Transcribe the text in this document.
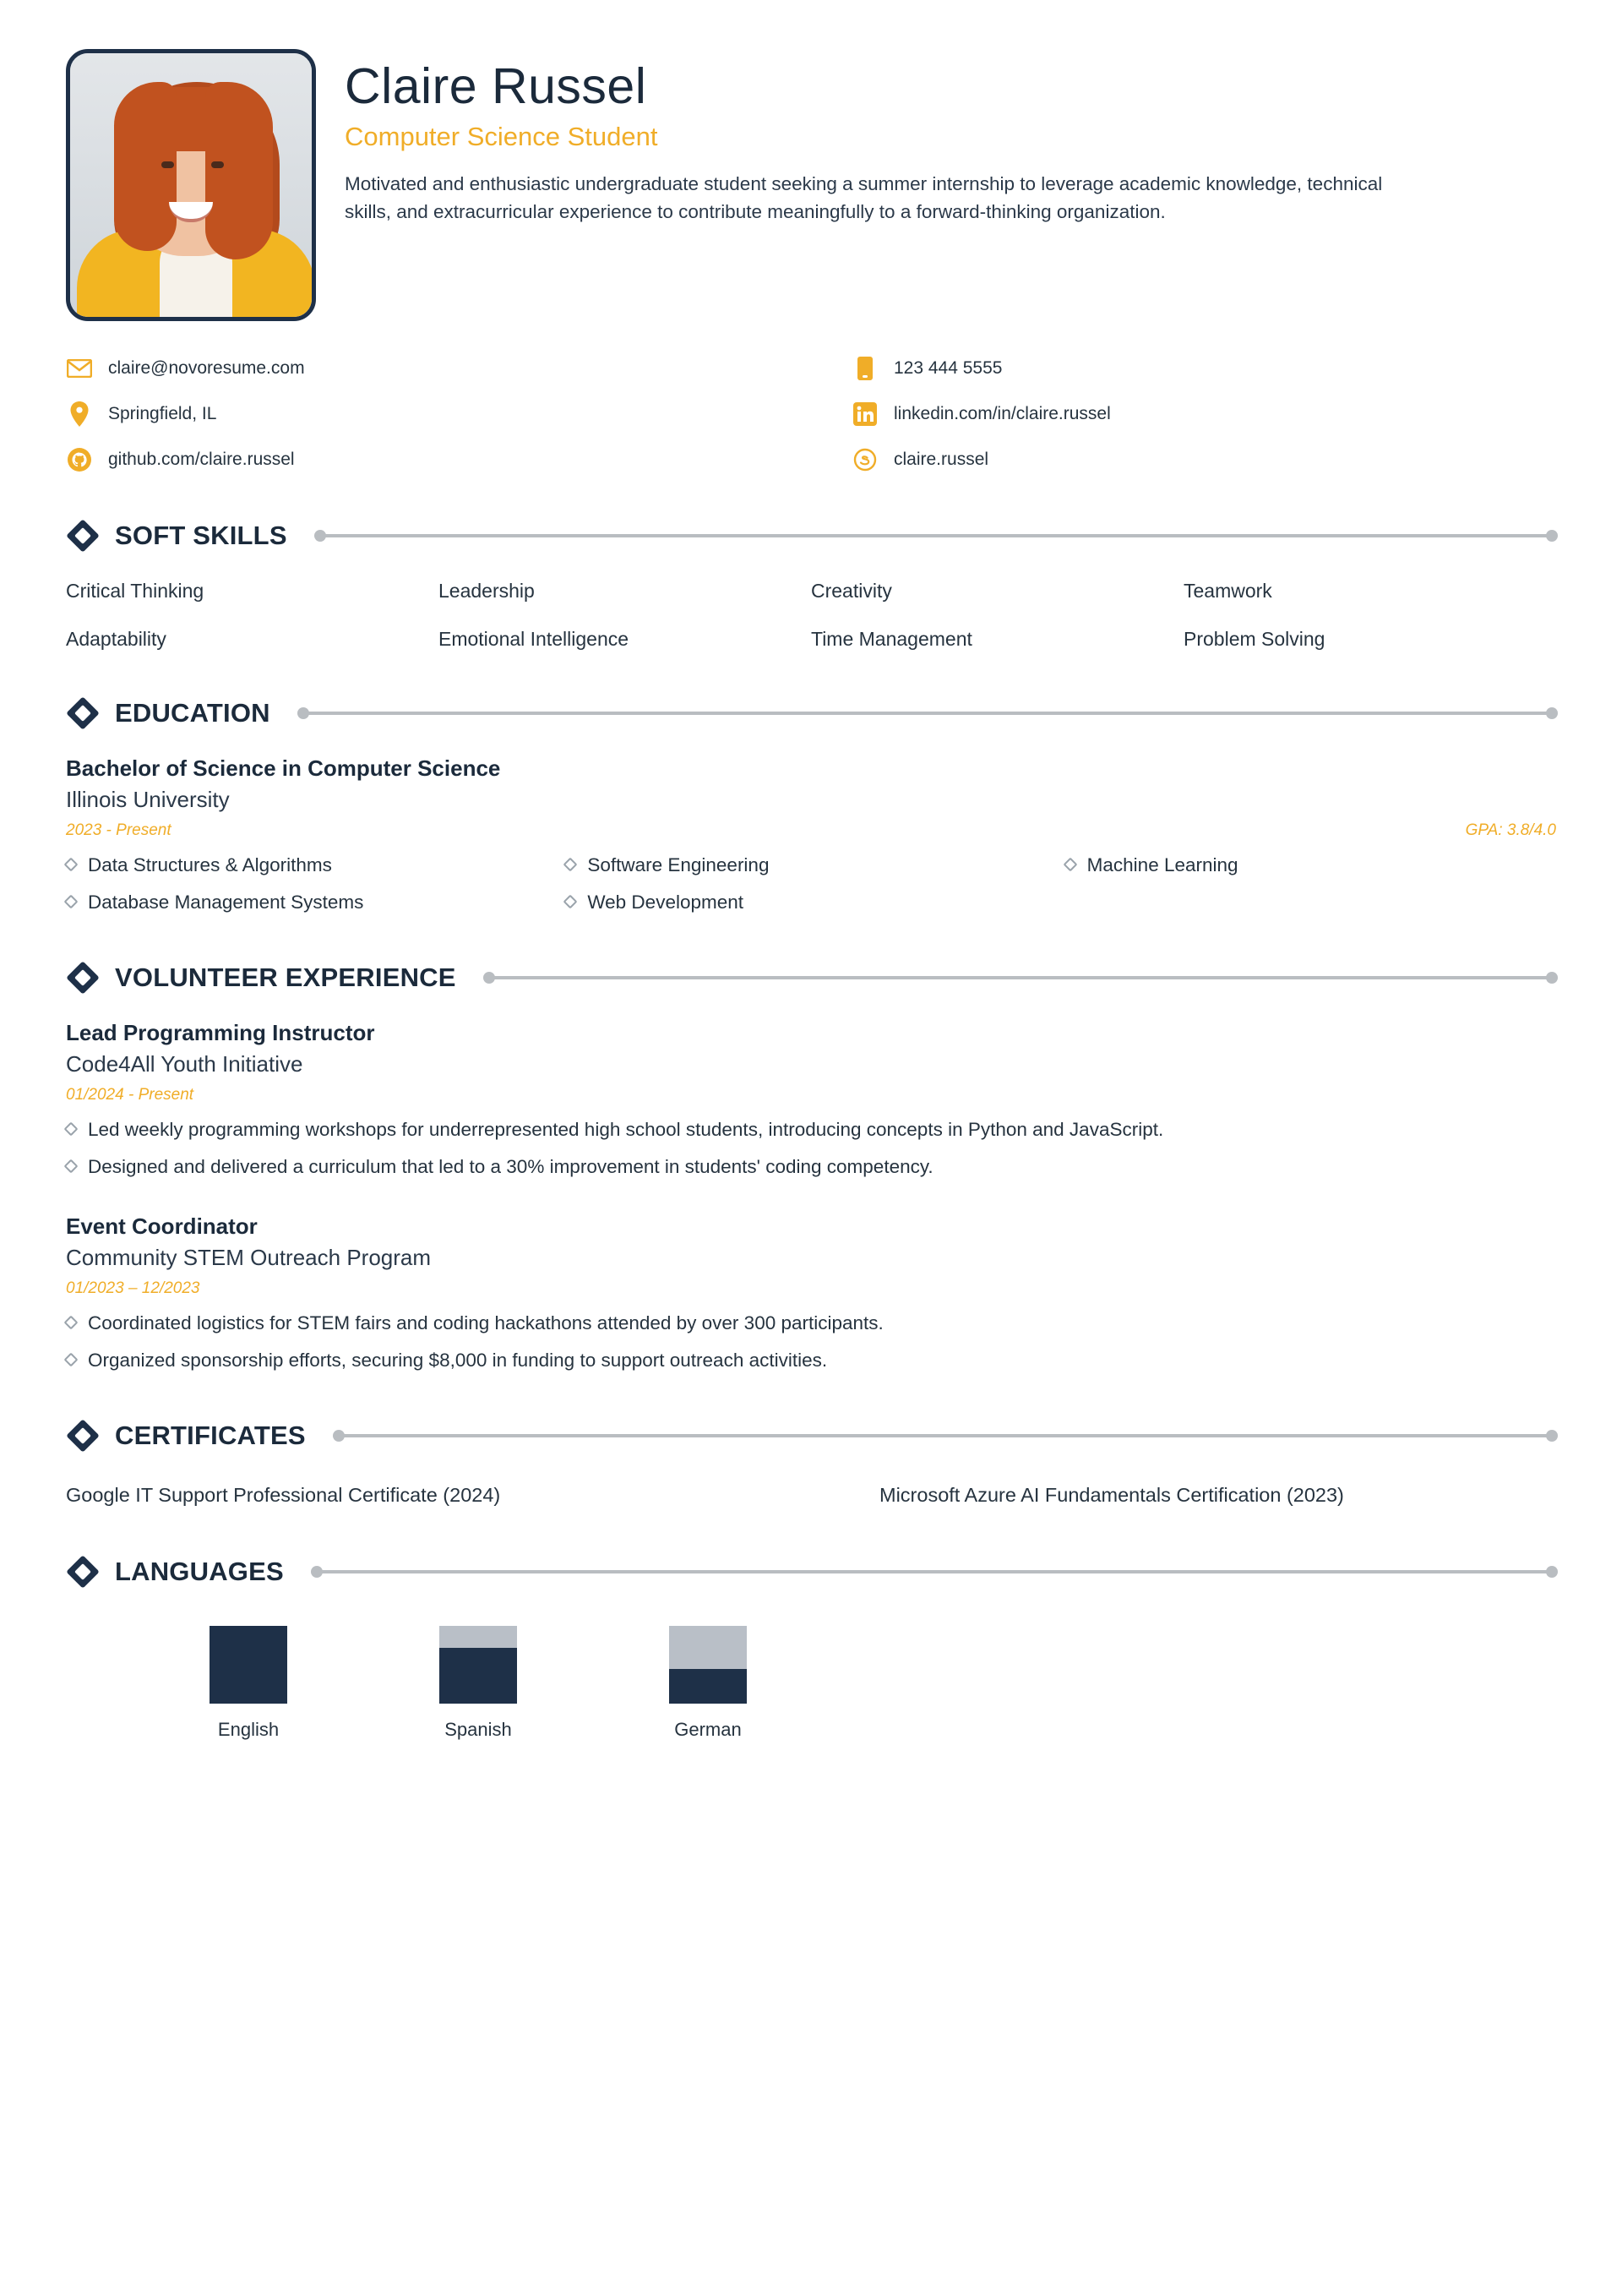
Claire Russel
Computer Science Student

Motivated and enthusiastic undergraduate student seeking a summer internship to leverage academic knowledge, technical skills, and extracurricular experience to contribute meaningfully to a forward-thinking organization.

claire@novoresume.com	123 444 5555
Springfield, IL	linkedin.com/in/claire.russel
github.com/claire.russel	claire.russel
SOFT SKILLS
Critical Thinking	Leadership	Creativity	Teamwork
Adaptability	Emotional Intelligence	Time Management	Problem Solving
EDUCATION
Bachelor of Science in Computer Science
Illinois University
2023 - Present	GPA: 3.8/4.0
Data Structures & Algorithms	Software Engineering	Machine Learning
Database Management Systems	Web Development
VOLUNTEER EXPERIENCE
Lead Programming Instructor
Code4All Youth Initiative
01/2024 - Present
Led weekly programming workshops for underrepresented high school students, introducing concepts in Python and JavaScript.
Designed and delivered a curriculum that led to a 30% improvement in students' coding competency.
Event Coordinator
Community STEM Outreach Program
01/2023 – 12/2023
Coordinated logistics for STEM fairs and coding hackathons attended by over 300 participants.
Organized sponsorship efforts, securing $8,000 in funding to support outreach activities.
CERTIFICATES
Google IT Support Professional Certificate (2024)	Microsoft Azure AI Fundamentals Certification (2023)
LANGUAGES
English	Spanish	German
